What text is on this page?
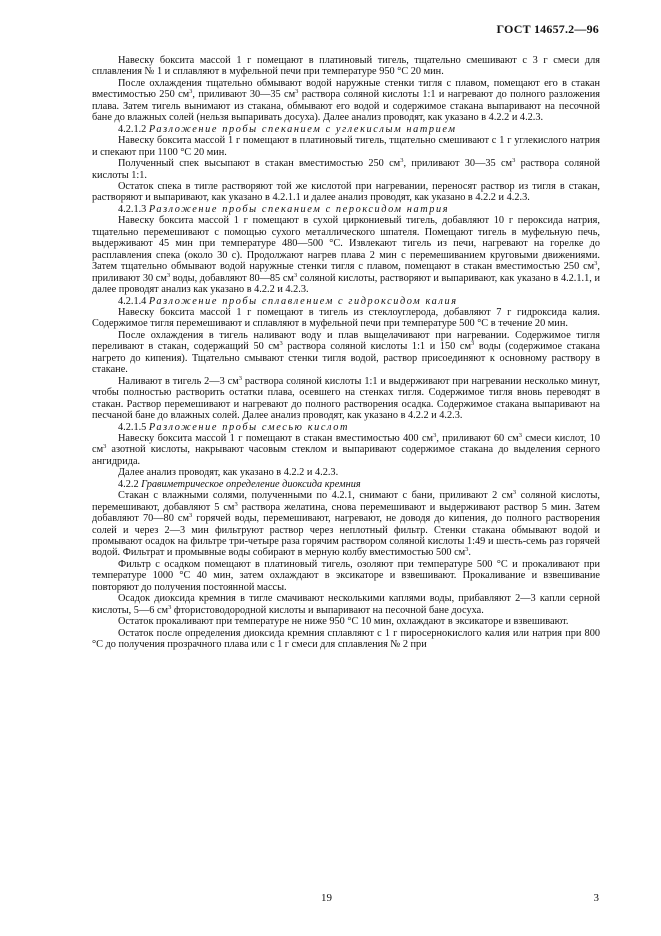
ГОСТ 14657.2—96

Навеску боксита массой 1 г помещают в платиновый тигель, тщательно смешивают с 3 г смеси для сплавления № 1 и сплавляют в муфельной печи при температуре 950 °С 20 мин.

После охлаждения тщательно обмывают водой наружные стенки тигля с плавом, помещают его в стакан вместимостью 250 $см^3$, приливают 30—35 $см^3$ раствора соляной кислоты 1:1 и нагревают до полного разложения плава. Затем тигель вынимают из стакана, обмывают его водой и содержимое стакана выпаривают на песочной бане до влажных солей (нельзя выпаривать досуха). Далее анализ проводят, как указано в 4.2.2 и 4.2.3.

4.2.1.2 Разложение пробы спеканием с углекислым натрием

Навеску боксита массой 1 г помещают в платиновый тигель, тщательно смешивают с 1 г углекислого натрия и спекают при 1100 °С 20 мин.

Полученный спек высыпают в стакан вместимостью 250 $см^3$, приливают 30—35 $см^3$ раствора соляной кислоты 1:1.

Остаток спека в тигле растворяют той же кислотой при нагревании, переносят раствор из тигля в стакан, растворяют и выпаривают, как указано в 4.2.1.1 и далее анализ проводят, как указано в 4.2.2 и 4.2.3.

4.2.1.3 Разложение пробы спеканием с пероксидом натрия

Навеску боксита массой 1 г помещают в сухой циркониевый тигель, добавляют 10 г пероксида натрия, тщательно перемешивают с помощью сухого металлического шпателя. Помещают тигель в муфельную печь, выдерживают 45 мин при температуре 480—500 °С. Извлекают тигель из печи, нагревают на горелке до расплавления спека (около 30 с). Продолжают нагрев плава 2 мин с перемешиванием круговыми движениями. Затем тщательно обмывают водой наружные стенки тигля с плавом, помещают в стакан вместимостью 250 $см^3$, приливают 30 $см^3$ воды, добавляют 80—85 $см^3$ соляной кислоты, растворяют и выпаривают, как указано в 4.2.1.1, и далее проводят анализ как указано в 4.2.2 и 4.2.3.

4.2.1.4 Разложение пробы сплавлением с гидроксидом калия

Навеску боксита массой 1 г помещают в тигель из стеклоуглерода, добавляют 7 г гидроксида калия. Содержимое тигля перемешивают и сплавляют в муфельной печи при температуре 500 °С в течение 20 мин.

После охлаждения в тигель наливают воду и плав выщелачивают при нагревании. Содержимое тигля переливают в стакан, содержащий 50 $см^3$ раствора соляной кислоты 1:1 и 150 $см^3$ воды (содержимое стакана нагрето до кипения). Тщательно смывают стенки тигля водой, раствор присоединяют к основному раствору в стакане.

Наливают в тигель 2—3 $см^3$ раствора соляной кислоты 1:1 и выдерживают при нагревании несколько минут, чтобы полностью растворить остатки плава, осевшего на стенках тигля. Содержимое тигля вновь переводят в стакан. Раствор перемешивают и нагревают до полного растворения осадка. Содержимое стакана выпаривают на песчаной бане до влажных солей. Далее анализ проводят, как указано в 4.2.2 и 4.2.3.

4.2.1.5 Разложение пробы смесью кислот

Навеску боксита массой 1 г помещают в стакан вместимостью 400 $см^3$, приливают 60 $см^3$ смеси кислот, 10 $см^3$ азотной кислоты, накрывают часовым стеклом и выпаривают содержимое стакана до выделения серного ангидрида.

Далее анализ проводят, как указано в 4.2.2 и 4.2.3.

4.2.2 Гравиметрическое определение диоксида кремния

Стакан с влажными солями, полученными по 4.2.1, снимают с бани, приливают 2 $см^3$ соляной кислоты, перемешивают, добавляют 5 $см^3$ раствора желатина, снова перемешивают и выдерживают раствор 5 мин. Затем добавляют 70—80 $см^3$ горячей воды, перемешивают, нагревают, не доводя до кипения, до полного растворения солей и через 2—3 мин фильтруют раствор через неплотный фильтр. Стенки стакана обмывают водой и промывают осадок на фильтре три-четыре раза горячим раствором соляной кислоты 1:49 и шесть-семь раз горячей водой. Фильтрат и промывные воды собирают в мерную колбу вместимостью 500 $см^3$.

Фильтр с осадком помещают в платиновый тигель, озоляют при температуре 500 °С и прокаливают при температуре 1000 °С 40 мин, затем охлаждают в эксикаторе и взвешивают. Прокаливание и взвешивание повторяют до получения постоянной массы.

Осадок диоксида кремния в тигле смачивают несколькими каплями воды, прибавляют 2—3 капли серной кислоты, 5—6 $см^3$ фтористоводородной кислоты и выпаривают на песочной бане досуха.

Остаток прокаливают при температуре не ниже 950 °С 10 мин, охлаждают в эксикаторе и взвешивают.

Остаток после определения диоксида кремния сплавляют с 1 г пиросернокислого калия или натрия при 800 °С до получения прозрачного плава или с 1 г смеси для сплавления № 2 при

19	3
